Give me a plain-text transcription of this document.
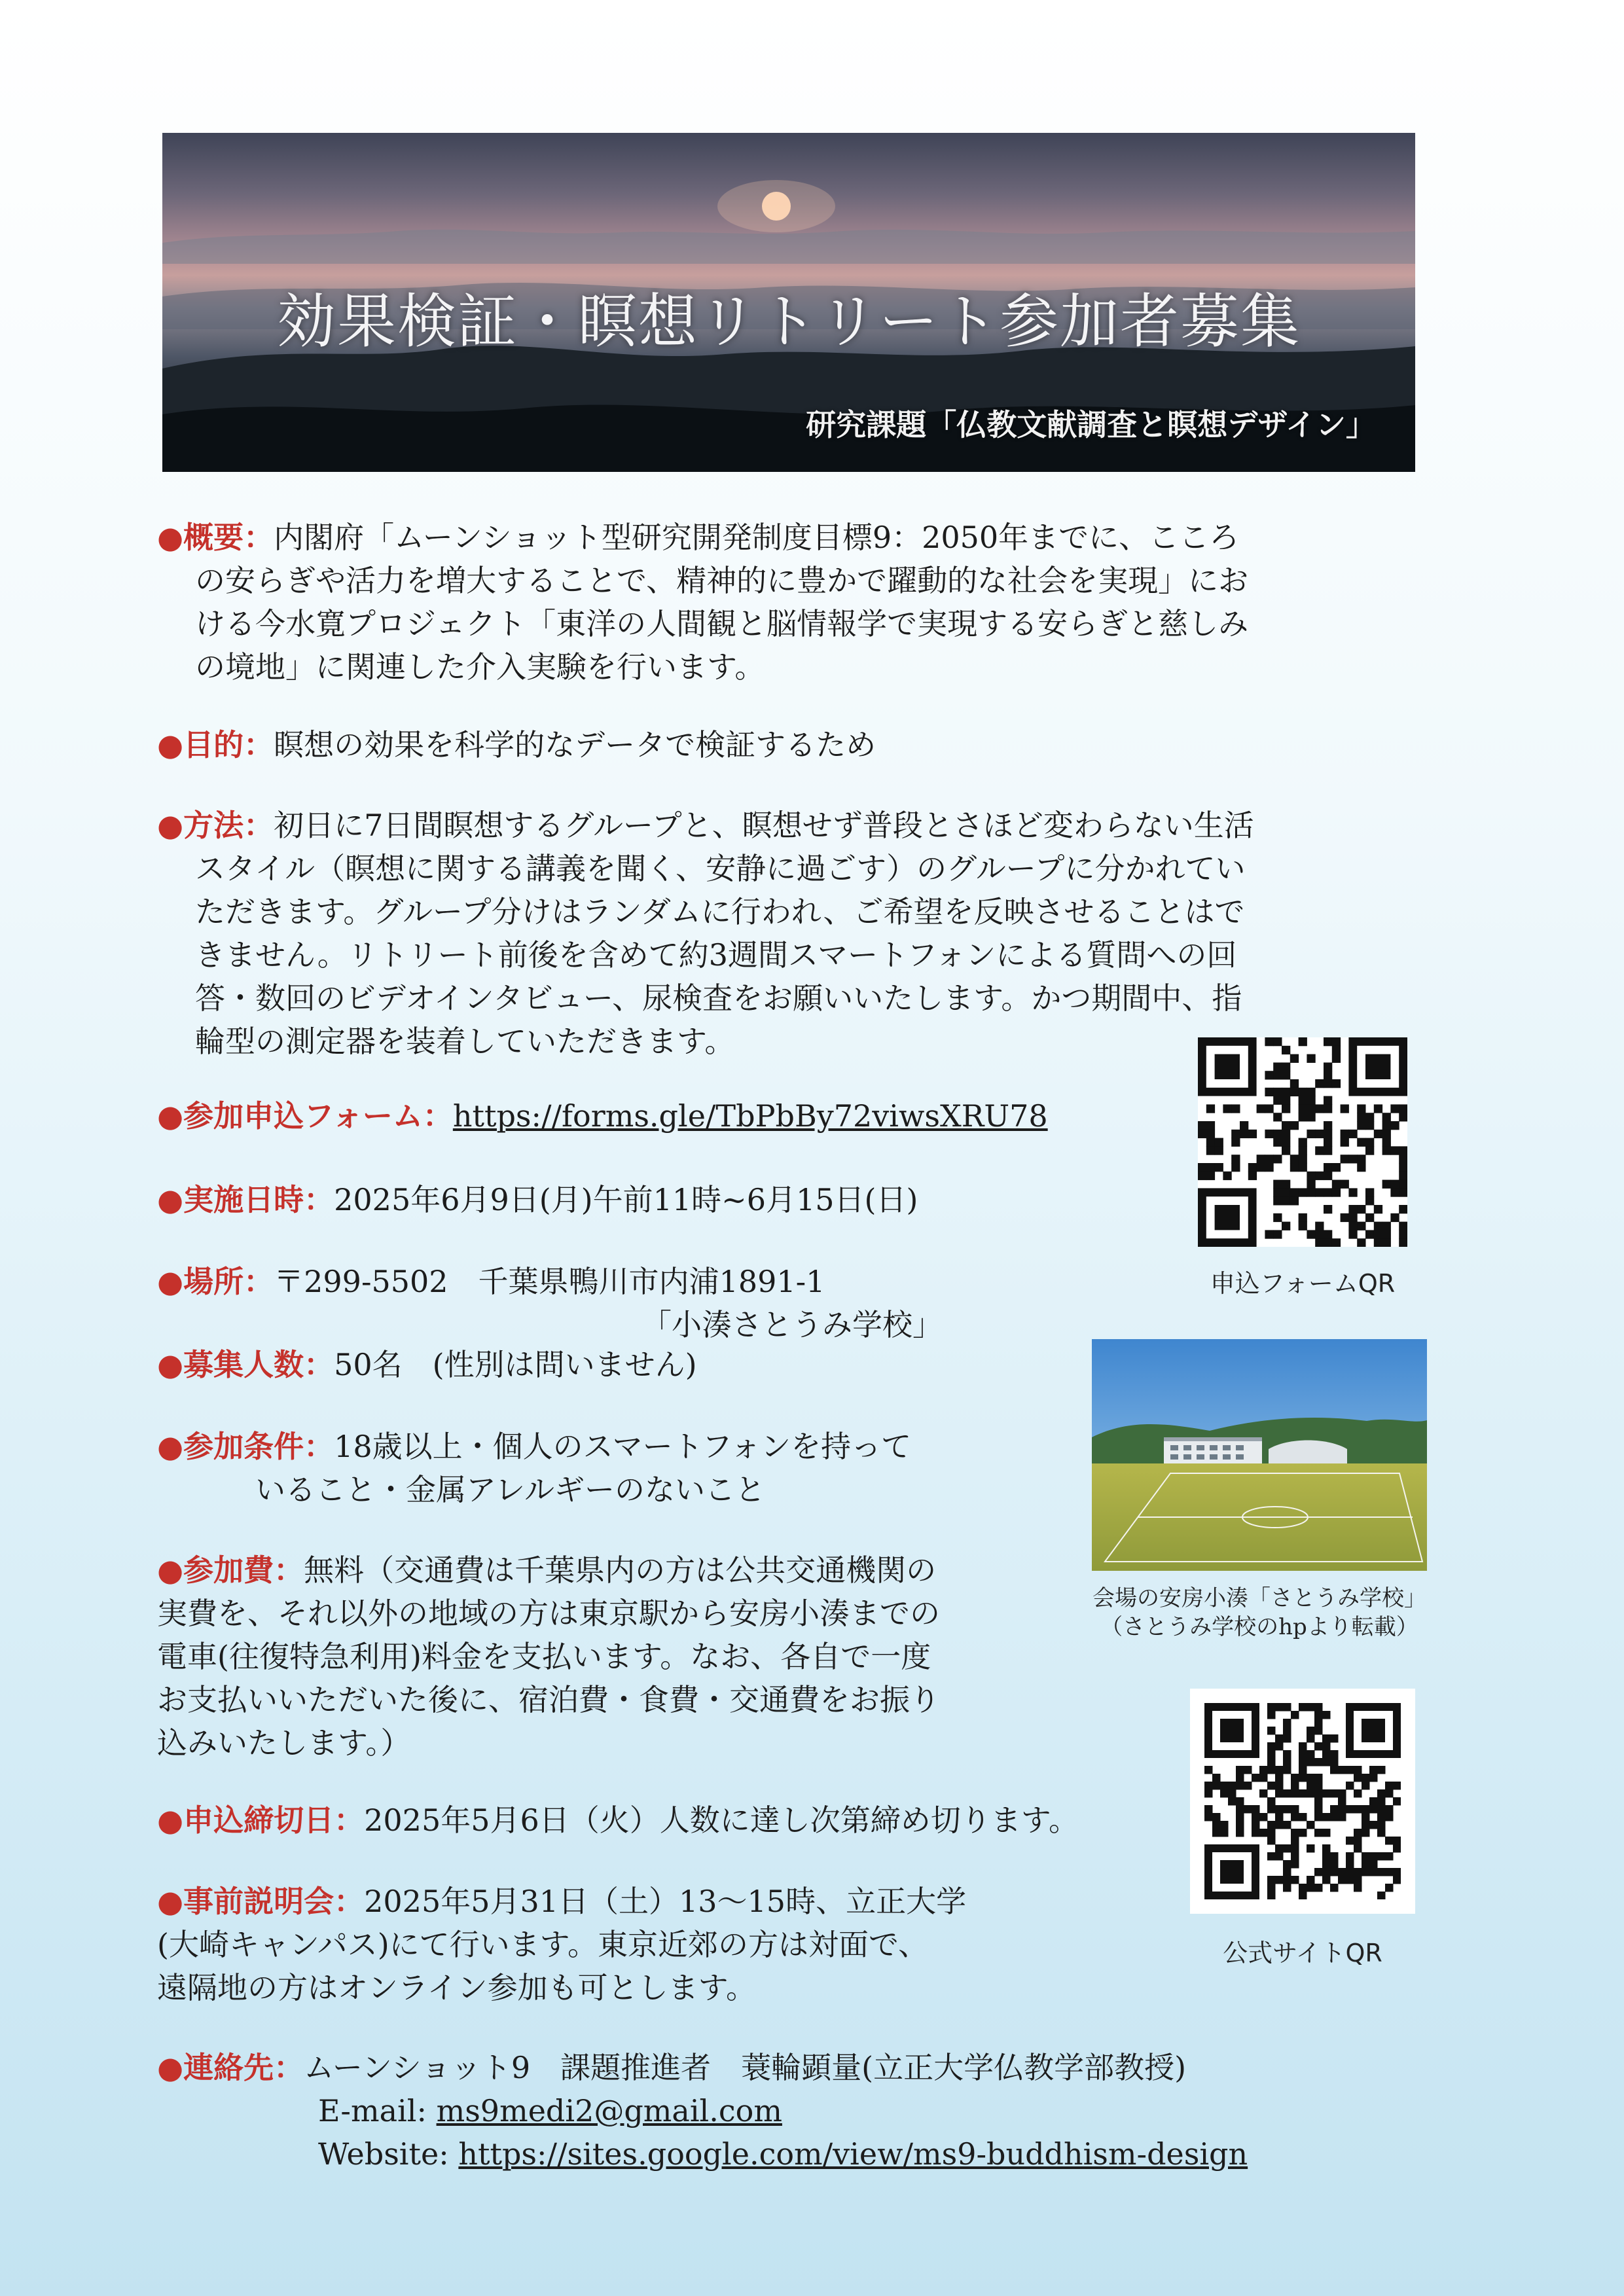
効果検証・瞑想リトリート参加者募集
研究課題「仏教文献調査と瞑想デザイン」

●概要：内閣府「ムーンショット型研究開発制度目標9：2050年までに、こころ

の安らぎや活力を増大することで、精神的に豊かで躍動的な社会を実現」にお

ける今水寛プロジェクト「東洋の人間観と脳情報学で実現する安らぎと慈しみ

の境地」に関連した介入実験を行います。

●目的：瞑想の効果を科学的なデータで検証するため

●方法：初日に7日間瞑想するグループと、瞑想せず普段とさほど変わらない生活

スタイル（瞑想に関する講義を聞く、安静に過ごす）のグループに分かれてい

ただきます。グループ分けはランダムに行われ、ご希望を反映させることはで

きません。リトリート前後を含めて約3週間スマートフォンによる質問への回

答・数回のビデオインタビュー、尿検査をお願いいたします。かつ期間中、指

輪型の測定器を装着していただきます。

●参加申込フォーム：https://forms.gle/TbPbBy72viwsXRU78

●実施日時：2025年6月9日(月)午前11時~6月15日(日)

●場所：〒299-5502　千葉県鴨川市内浦1891-1

「小湊さとうみ学校」

●募集人数：50名　(性別は問いません)

●参加条件：18歳以上・個人のスマートフォンを持って

いること・金属アレルギーのないこと

●参加費：無料（交通費は千葉県内の方は公共交通機関の

実費を、それ以外の地域の方は東京駅から安房小湊までの

電車(往復特急利用)料金を支払います。なお、各自で一度

お支払いいただいた後に、宿泊費・食費・交通費をお振り

込みいたします。）

●申込締切日：2025年5月6日（火）人数に達し次第締め切ります。

●事前説明会：2025年5月31日（土）13〜15時、立正大学

(大崎キャンパス)にて行います。東京近郊の方は対面で、

遠隔地の方はオンライン参加も可とします。

●連絡先：ムーンショット9　課題推進者　蓑輪顕量(立正大学仏教学部教授)

E-mail: ms9medi2@gmail.com

Website: https://sites.google.com/view/ms9-buddhism-design

申込フォームQR
会場の安房小湊「さとうみ学校」
（さとうみ学校のhpより転載）
公式サイトQR
